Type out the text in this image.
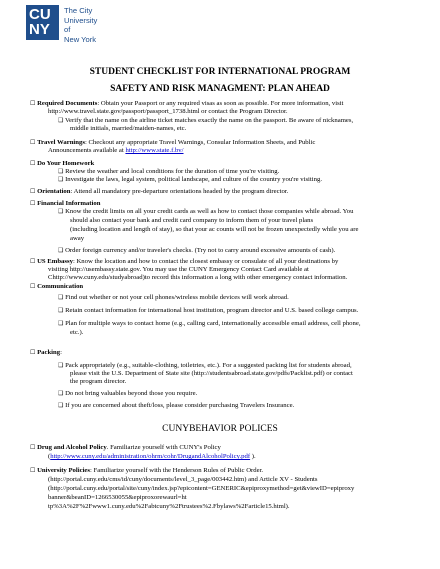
CU
NY
The City
University
of
New York
STUDENT CHECKLIST FOR INTERNATIONAL PROGRAM
SAFETY AND RISK MANAGMENT: PLAN AHEAD
☐ Required Documents: Obtain your Passport or any required visas as soon as possible. For more information, visit
http://www.travel.state.gov/passport/passport_1738.html or contact the Program Director.
❑ Verify that the name on the airline ticket matches exactly the name on the passport. Be aware of nicknames,
middle initials, married/maiden-names, etc.
☐ Travel Warnings: Checkout any appropriate Travel Warnings, Consular Information Sheets, and Public
Announcements available at http://www.state.f.bv/
☐ Do Your Homework
❑ Review the weather and local conditions for the duration of time you're visiting.
❑ Investigate the laws, legal system, political landscape, and culture of the country you're visiting.
☐ Orientation: Attend all mandatory pre-departure orientations headed by the program director.
☐ Financial Information
❑ Know the credit limits on all your credit cards as well as how to contact those companies while abroad. You
should also contact your bank and credit card company to inform them of your travel plans
(including location and length of stay), so that your ac counts will not be frozen unexpectedly while you are
away
❑ Order foreign currency and/or traveler's checks. (Try not to carry around excessive amounts of cash).
☐ US Embassy: Know the location and how to contact the closest embassy or consulate of all your destinations by
visiting http://usembassy.state.gov. You may use the CUNY Emergency Contact Card available at
Chttp://www.cuny.edu/studyabroad)to record this information a long with other emergency contact information.
☐ Communication
❑ Find out whether or not your cell phones/wireless mobile devices will work abroad.
❑ Retain contact information for international host institution, program director and U.S. based college campus.
❑ Plan for multiple ways to contact home (e.g., calling card, internationally accessible email address, cell phone,
etc.).
☐ Packing:
❑ Pack appropriately (e.g., suitable-clothing, toiletries, etc.). For a suggested packing list for students abroad,
please visit the U.S. Department of State site (http://studentsabroad.state.gov/pdfs/Packlist.pdf) or contact
the program director.
❑ Do not bring valuables beyond those you require.
❑ If you are concerned about theft/loss, please consider purchasing Travelers Insurance.
CUNYBEHAVIOR POLICES
☐ Drug and Alcohol Policy. Familiarize yourself with CUNY's Policy
(http://www.cuny.edu/administration/ohrm/cohr/DrugandAlcoholPolicy.pdf ).
☐ University Policies: Familiarize yourself with the Henderson Rules of Public Order.
(http://portal.cuny.edu/cms/id/cuny/documents/level_3_page/003442.htm) and Article XV - Students
(http://portal.cuny.edu/portal/site/cuny/index.jsp?epicontent=GENERIC&epiproxymethod=get&viewID=epiproxy
banner&beanID=1266530055&epiproxorewaurl=ht
tp%3A%2F%2Fwww1.cuny.edu%2Fabtcuny%2Ftrustees%2.Fbylaws%2Farticle15.html).
